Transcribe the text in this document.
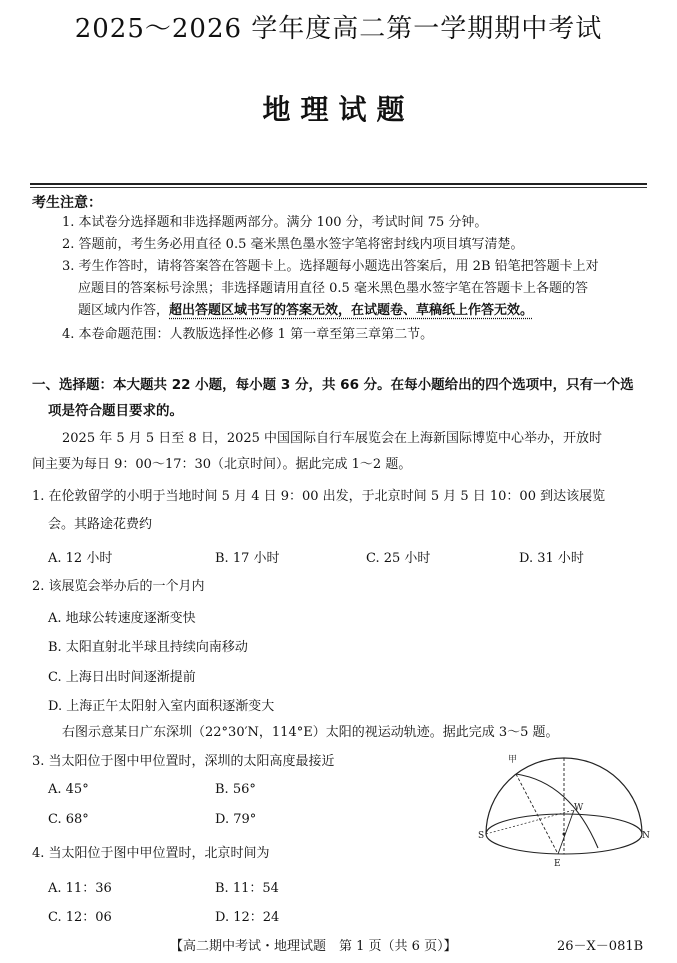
2025～2026 学年度高二第一学期期中考试
地理试题
考生注意：
1. 本试卷分选择题和非选择题两部分。满分 100 分，考试时间 75 分钟。
2. 答题前，考生务必用直径 0.5 毫米黑色墨水签字笔将密封线内项目填写清楚。
3. 考生作答时，请将答案答在答题卡上。选择题每小题选出答案后，用 2B 铅笔把答题卡上对
应题目的答案标号涂黑；非选择题请用直径 0.5 毫米黑色墨水签字笔在答题卡上各题的答
题区域内作答，超出答题区域书写的答案无效，在试题卷、草稿纸上作答无效。
4. 本卷命题范围：人教版选择性必修 1 第一章至第三章第二节。
一、选择题：本大题共 22 小题，每小题 3 分，共 66 分。在每小题给出的四个选项中，只有一个选
项是符合题目要求的。
2025 年 5 月 5 日至 8 日，2025 中国国际自行车展览会在上海新国际博览中心举办，开放时
间主要为每日 9：00～17：30（北京时间）。据此完成 1～2 题。
1. 在伦敦留学的小明于当地时间 5 月 4 日 9：00 出发，于北京时间 5 月 5 日 10：00 到达该展览
会。其路途花费约
A. 12 小时	B. 17 小时	C. 25 小时	D. 31 小时
2. 该展览会举办后的一个月内
A. 地球公转速度逐渐变快
B. 太阳直射北半球且持续向南移动
C. 上海日出时间逐渐提前
D. 上海正午太阳射入室内面积逐渐变大
右图示意某日广东深圳（22°30′N，114°E）太阳的视运动轨迹。据此完成 3～5 题。
3. 当太阳位于图中甲位置时，深圳的太阳高度最接近
A. 45°	B. 56°
C. 68°	D. 79°
4. 当太阳位于图中甲位置时，北京时间为
A. 11：36	B. 11：54
C. 12：06	D. 12：24
甲
W
S	N
E
【高二期中考试・地理试题　第 1 页（共 6 页）】	26－X－081B
